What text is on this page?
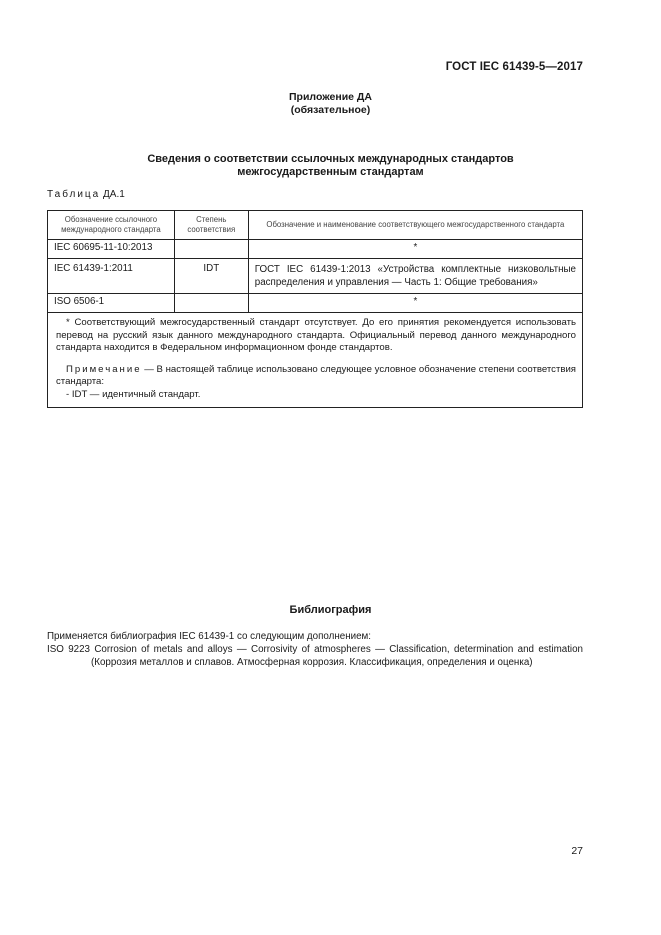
ГОСТ IEC 61439-5—2017
Приложение ДА
(обязательное)
Сведения о соответствии ссылочных международных стандартов
межгосударственным стандартам
Таблица ДА.1
Обозначение ссылочного международного стандарта	Степень соответствия	Обозначение и наименование соответствующего межгосударственного стандарта
IEC 60695-11-10:2013		*
IEC 61439-1:2011	IDT	ГОСТ IEC 61439-1:2013 «Устройства комплектные низковольтные распределения и управления — Часть 1: Общие требования»
ISO 6506-1		*

* Соответствующий межгосударственный стандарт отсутствует. До его принятия рекомендуется использовать перевод на русский язык данного международного стандарта. Официальный перевод данного международного стандарта находится в Федеральном информационном фонде стандартов.

Примечание — В настоящей таблице использовано следующее условное обозначение степени соответствия стандарта:

- IDT — идентичный стандарт.		
Библиография
Применяется библиография IEC 61439-1 со следующим дополнением:
ISO 9223 Corrosion of metals and alloys — Corrosivity of atmospheres — Classification, determination and estimation
(Коррозия металлов и сплавов. Атмосферная коррозия. Классификация, определения и оценка)
27
